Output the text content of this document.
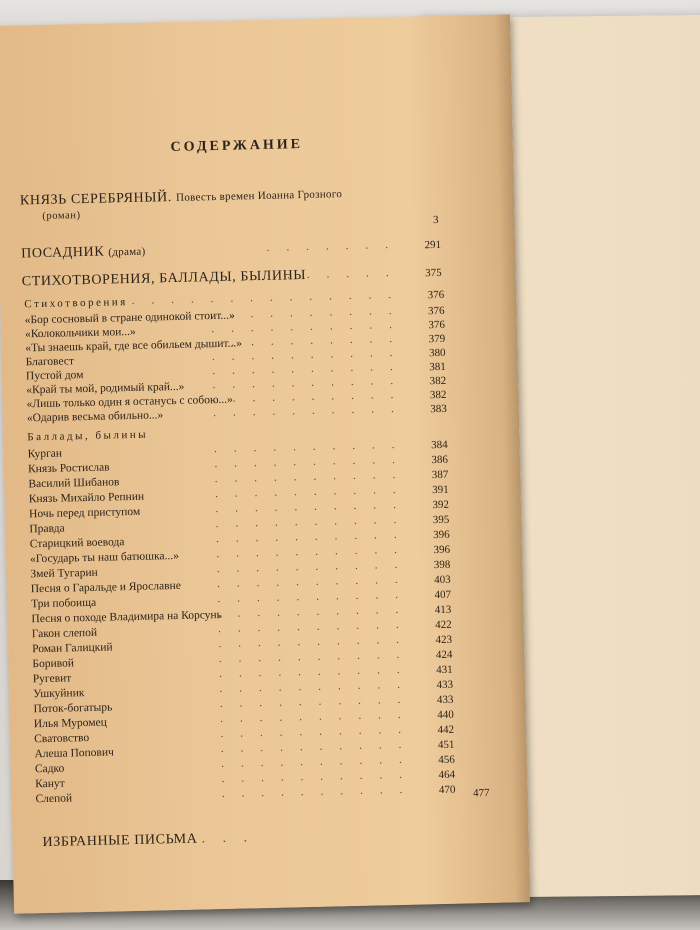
СОДЕРЖАНИЕ
КНЯЗЬ СЕРЕБРЯНЫЙ. Повесть времен Иоанна Грозного
(роман)	3
ПОСАДНИК (драма)	. . . . . . .	291
СТИХОТВОРЕНИЯ, БАЛЛАДЫ, БЫЛИНЫ
. . . . . .	375
Стихотворения
. . . . . . . . . . . . . . .	376
«Бор сосновый в стране одинокой стоит...»
. . . . . . . . . .	376
«Колокольчики мои...»	. . . . . . . . . .	376
«Ты знаешь край, где все обильем дышит...»
. . . . . . . . . .	379
Благовест	. . . . . . . . . .	380
Пустой дом	. . . . . . . . . .	381
«Край ты мой, родимый край...» . . . . . . . . . .	382
«Лишь только один я останусь с собою...»
. . . . . . . . . .	382
«Одарив весьма обильно...»	. . . . . . . . . .	383
Баллады, былины
Курган	. . . . . . . . . .	384
Князь Ростислав	. . . . . . . . . .	386
Василий Шибанов	. . . . . . . . . .	387
Князь Михайло Репнин	. . . . . . . . . .	391
Ночь перед приступом	. . . . . . . . . .	392
Правда	. . . . . . . . . .	395
Старицкий воевода	. . . . . . . . . .	396
«Государь ты наш батюшка...»	. . . . . . . . . .	396
Змей Тугарин	. . . . . . . . . .	398
Песня о Гаральде и Ярославне	. . . . . . . . . .	403
Три побоища	. . . . . . . . . .	407
Песня о походе Владимира на Корсунь
. . . . . . . . . .	413
Гакон слепой	. . . . . . . . . .	422
Роман Галицкий	. . . . . . . . . .	423
Боривой	. . . . . . . . . .	424
Ругевит	. . . . . . . . . .	431
Ушкуйник	. . . . . . . . . .	433
Поток-богатырь	. . . . . . . . . .	433
Илья Муромец	. . . . . . . . . .	440
Сватовство	. . . . . . . . . .	442
Алеша Попович	. . . . . . . . . .	451
Садко	. . . . . . . . . .	456
Канут	. . . . . . . . . .	464
Слепой	. . . . . . . . . .	470	477
ИЗБРАННЫЕ ПИСЬМА . . .
